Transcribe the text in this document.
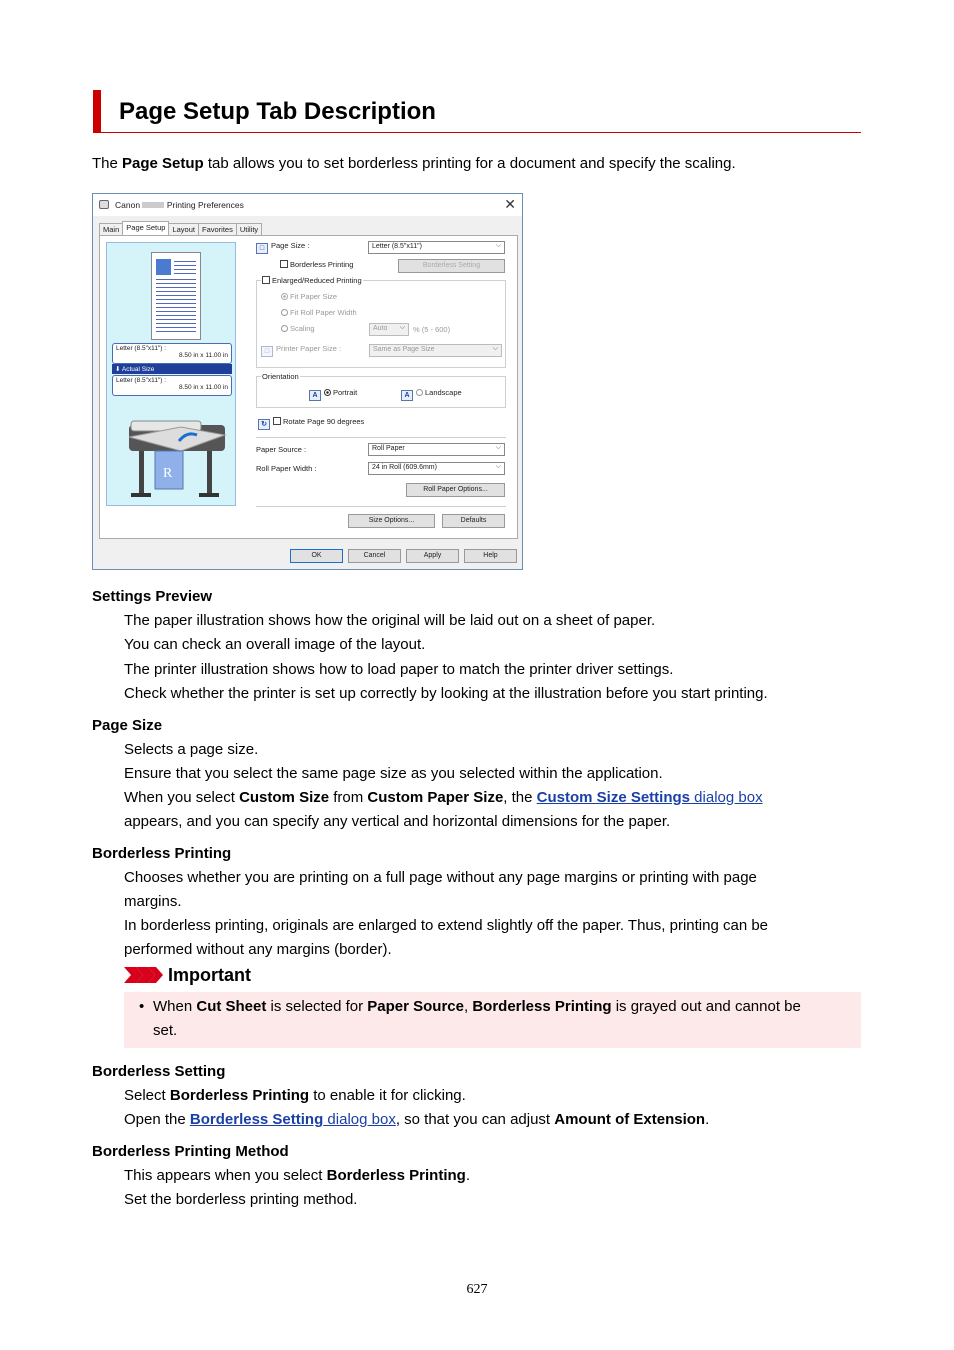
Page Setup Tab Description
The Page Setup tab allows you to set borderless printing for a document and specify the scaling.
Canon	Printing Preferences	✕
Main Page Setup Layout Favorites Utility
Letter (8.5"x11") :
8.50 in x 11.00 in
⬇ Actual Size
Letter (8.5"x11") :
8.50 in x 11.00 in
R
□ Page Size :	Letter (8.5"x11") ⌵
Borderless Printing	Borderless Setting
Enlarged/Reduced Printing
Fit Paper Size
Fit Roll Paper Width
Scaling	Auto ⌵	% (5 - 600)
□ Printer Paper Size :	Same as Page Size ⌵
Orientation
A Portrait	A Landscape
↻ Rotate Page 90 degrees
Paper Source :	Roll Paper ⌵
Roll Paper Width :	24 in Roll (609.6mm) ⌵
Roll Paper Options...
Size Options...	Defaults
OK	Cancel	Apply	Help
Settings Preview
The paper illustration shows how the original will be laid out on a sheet of paper.
You can check an overall image of the layout.
The printer illustration shows how to load paper to match the printer driver settings.
Check whether the printer is set up correctly by looking at the illustration before you start printing.
Page Size
Selects a page size.
Ensure that you select the same page size as you selected within the application.
When you select Custom Size from Custom Paper Size, the Custom Size Settings dialog box
appears, and you can specify any vertical and horizontal dimensions for the paper.
Borderless Printing
Chooses whether you are printing on a full page without any page margins or printing with page
margins.
In borderless printing, originals are enlarged to extend slightly off the paper. Thus, printing can be
performed without any margins (border).
Important
• When Cut Sheet is selected for Paper Source, Borderless Printing is grayed out and cannot be
set.
Borderless Setting
Select Borderless Printing to enable it for clicking.
Open the Borderless Setting dialog box, so that you can adjust Amount of Extension.
Borderless Printing Method
This appears when you select Borderless Printing.
Set the borderless printing method.
627
